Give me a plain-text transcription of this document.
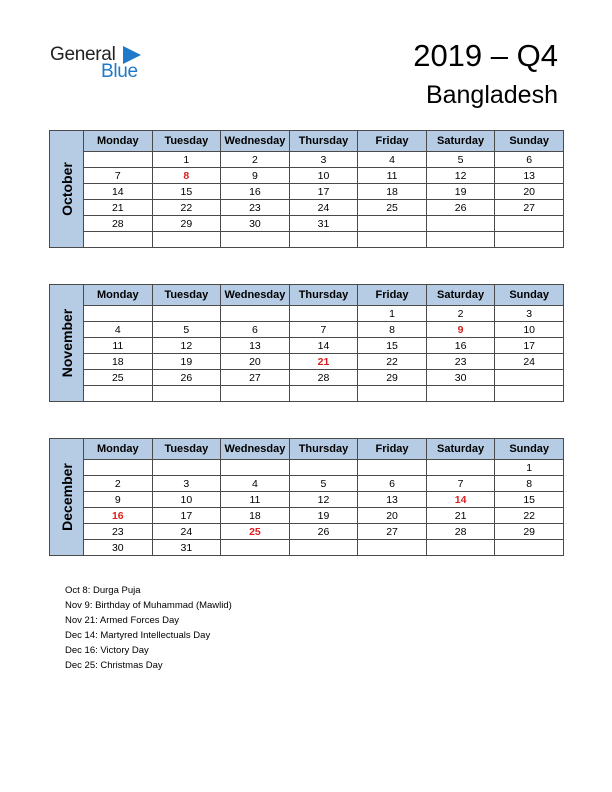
General
Blue	2019 – Q4
Bangladesh
October
Monday	Tuesday	Wednesday	Thursday	Friday	Saturday	Sunday
	1	2	3	4	5	6
7	8	9	10	11	12	13
14	15	16	17	18	19	20
21	22	23	24	25	26	27
28	29	30	31			

November
Monday	Tuesday	Wednesday	Thursday	Friday	Saturday	Sunday
				1	2	3
4	5	6	7	8	9	10
11	12	13	14	15	16	17
18	19	20	21	22	23	24
25	26	27	28	29	30	

December
Monday	Tuesday	Wednesday	Thursday	Friday	Saturday	Sunday
						1
2	3	4	5	6	7	8
9	10	11	12	13	14	15
16	17	18	19	20	21	22
23	24	25	26	27	28	29
30	31					
Oct 8: Durga Puja
Nov 9: Birthday of Muhammad (Mawlid)
Nov 21: Armed Forces Day
Dec 14: Martyred Intellectuals Day
Dec 16: Victory Day
Dec 25: Christmas Day
